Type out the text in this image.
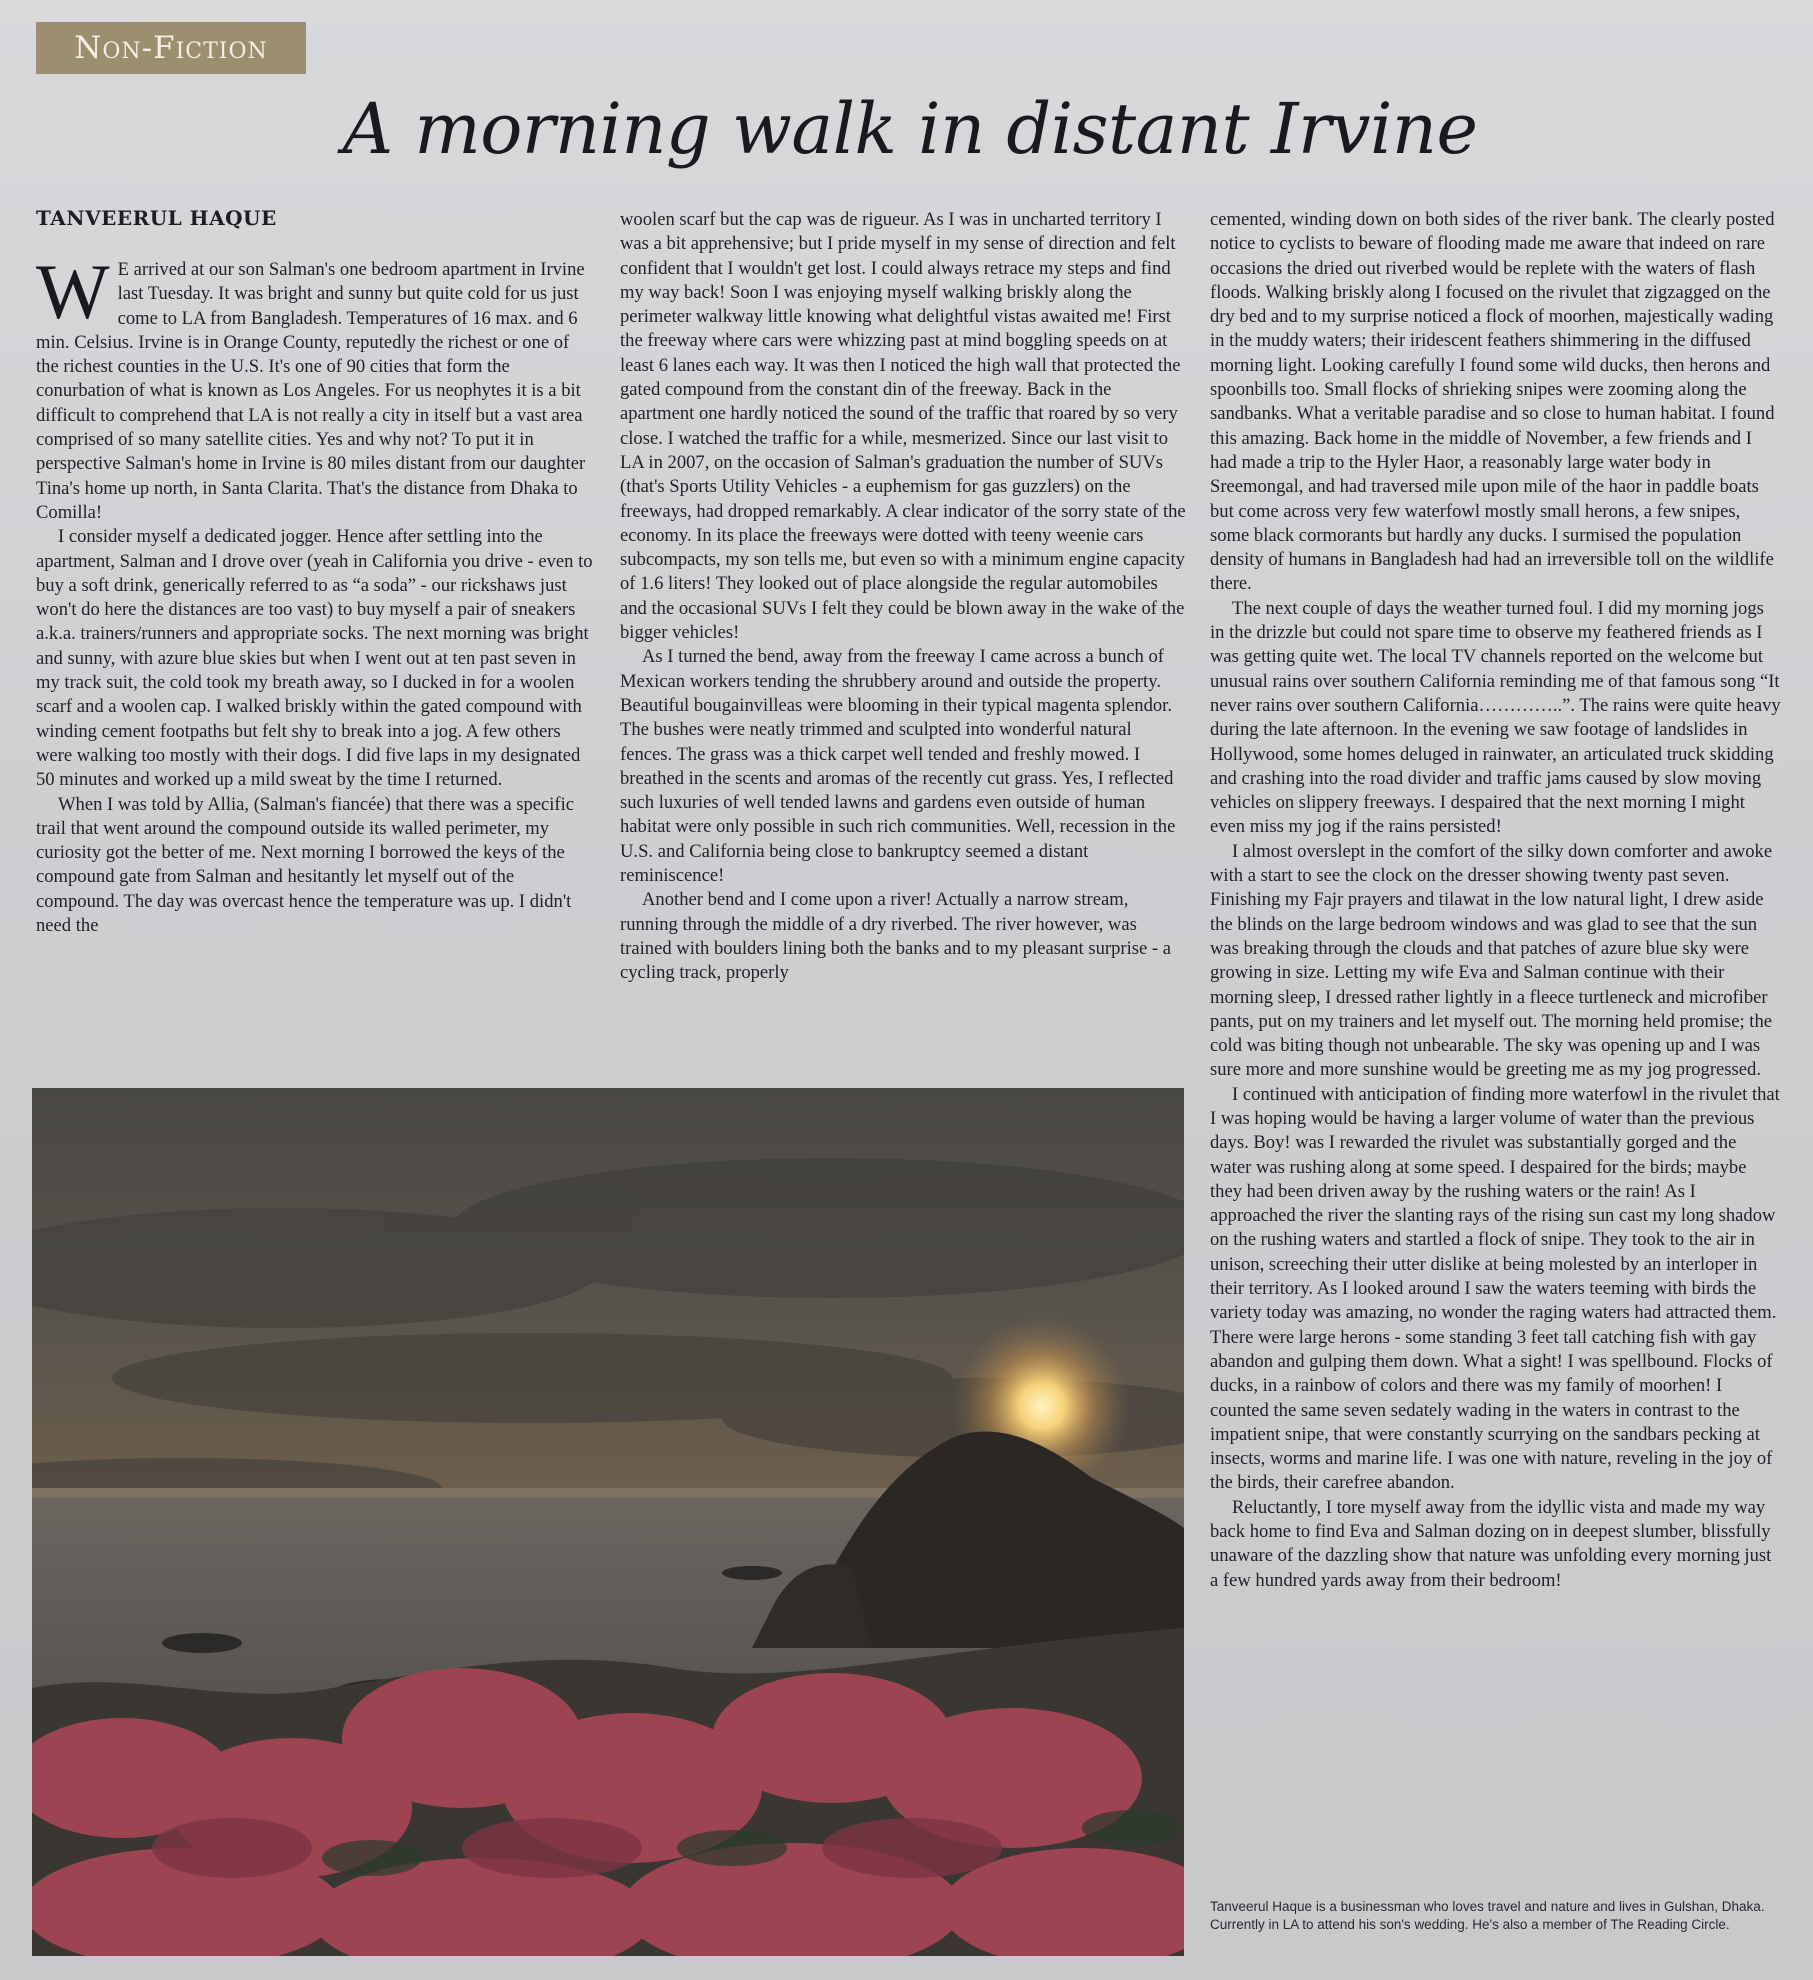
Non-Fiction
A morning walk in distant Irvine
TANVEERUL HAQUE

W E arrived at our son Salman's one bedroom apartment in Irvine last Tuesday. It was bright and sunny but quite cold for us just come to LA from Bangladesh. Temperatures of 16 max. and 6 min. Celsius. Irvine is in Orange County, reputedly the richest or one of the richest counties in the U.S. It's one of 90 cities that form the conurbation of what is known as Los Angeles. For us neophytes it is a bit difficult to comprehend that LA is not really a city in itself but a vast area comprised of so many satellite cities. Yes and why not? To put it in perspective Salman's home in Irvine is 80 miles distant from our daughter Tina's home up north, in Santa Clarita. That's the distance from Dhaka to Comilla!

I consider myself a dedicated jogger. Hence after settling into the apartment, Salman and I drove over (yeah in California you drive - even to buy a soft drink, generically referred to as “a soda” - our rickshaws just won't do here the distances are too vast) to buy myself a pair of sneakers a.k.a. trainers/runners and appropriate socks. The next morning was bright and sunny, with azure blue skies but when I went out at ten past seven in my track suit, the cold took my breath away, so I ducked in for a woolen scarf and a woolen cap. I walked briskly within the gated compound with winding cement footpaths but felt shy to break into a jog. A few others were walking too mostly with their dogs. I did five laps in my designated 50 minutes and worked up a mild sweat by the time I returned.

When I was told by Allia, (Salman's fiancée) that there was a specific trail that went around the compound outside its walled perimeter, my curiosity got the better of me. Next morning I borrowed the keys of the compound gate from Salman and hesitantly let myself out of the compound. The day was overcast hence the temperature was up. I didn't need the

woolen scarf but the cap was de rigueur. As I was in uncharted territory I was a bit apprehensive; but I pride myself in my sense of direction and felt confident that I wouldn't get lost. I could always retrace my steps and find my way back! Soon I was enjoying myself walking briskly along the perimeter walkway little knowing what delightful vistas awaited me! First the freeway where cars were whizzing past at mind boggling speeds on at least 6 lanes each way. It was then I noticed the high wall that protected the gated compound from the constant din of the freeway. Back in the apartment one hardly noticed the sound of the traffic that roared by so very close. I watched the traffic for a while, mesmerized. Since our last visit to LA in 2007, on the occasion of Salman's graduation the number of SUVs (that's Sports Utility Vehicles - a euphemism for gas guzzlers) on the freeways, had dropped remarkably. A clear indicator of the sorry state of the economy. In its place the freeways were dotted with teeny weenie cars subcompacts, my son tells me, but even so with a minimum engine capacity of 1.6 liters! They looked out of place alongside the regular automobiles and the occasional SUVs I felt they could be blown away in the wake of the bigger vehicles!

As I turned the bend, away from the freeway I came across a bunch of Mexican workers tending the shrubbery around and outside the property. Beautiful bougainvilleas were blooming in their typical magenta splendor. The bushes were neatly trimmed and sculpted into wonderful natural fences. The grass was a thick carpet well tended and freshly mowed. I breathed in the scents and aromas of the recently cut grass. Yes, I reflected such luxuries of well tended lawns and gardens even outside of human habitat were only possible in such rich communities. Well, recession in the U.S. and California being close to bankruptcy seemed a distant reminiscence!

Another bend and I come upon a river! Actually a narrow stream, running through the middle of a dry riverbed. The river however, was trained with boulders lining both the banks and to my pleasant surprise - a cycling track, properly

cemented, winding down on both sides of the river bank. The clearly posted notice to cyclists to beware of flooding made me aware that indeed on rare occasions the dried out riverbed would be replete with the waters of flash floods. Walking briskly along I focused on the rivulet that zigzagged on the dry bed and to my surprise noticed a flock of moorhen, majestically wading in the muddy waters; their iridescent feathers shimmering in the diffused morning light. Looking carefully I found some wild ducks, then herons and spoonbills too. Small flocks of shrieking snipes were zooming along the sandbanks. What a veritable paradise and so close to human habitat. I found this amazing. Back home in the middle of November, a few friends and I had made a trip to the Hyler Haor, a reasonably large water body in Sreemongal, and had traversed mile upon mile of the haor in paddle boats but come across very few waterfowl mostly small herons, a few snipes, some black cormorants but hardly any ducks. I surmised the population density of humans in Bangladesh had had an irreversible toll on the wildlife there.

The next couple of days the weather turned foul. I did my morning jogs in the drizzle but could not spare time to observe my feathered friends as I was getting quite wet. The local TV channels reported on the welcome but unusual rains over southern California reminding me of that famous song “It never rains over southern California…………..”. The rains were quite heavy during the late afternoon. In the evening we saw footage of landslides in Hollywood, some homes deluged in rainwater, an articulated truck skidding and crashing into the road divider and traffic jams caused by slow moving vehicles on slippery freeways. I despaired that the next morning I might even miss my jog if the rains persisted!

I almost overslept in the comfort of the silky down comforter and awoke with a start to see the clock on the dresser showing twenty past seven. Finishing my Fajr prayers and tilawat in the low natural light, I drew aside the blinds on the large bedroom windows and was glad to see that the sun was breaking through the clouds and that patches of azure blue sky were growing in size. Letting my wife Eva and Salman continue with their morning sleep, I dressed rather lightly in a fleece turtleneck and microfiber pants, put on my trainers and let myself out. The morning held promise; the cold was biting though not unbearable. The sky was opening up and I was sure more and more sunshine would be greeting me as my jog progressed.

I continued with anticipation of finding more waterfowl in the rivulet that I was hoping would be having a larger volume of water than the previous days. Boy! was I rewarded the rivulet was substantially gorged and the water was rushing along at some speed. I despaired for the birds; maybe they had been driven away by the rushing waters or the rain! As I approached the river the slanting rays of the rising sun cast my long shadow on the rushing waters and startled a flock of snipe. They took to the air in unison, screeching their utter dislike at being molested by an interloper in their territory. As I looked around I saw the waters teeming with birds the variety today was amazing, no wonder the raging waters had attracted them. There were large herons - some standing 3 feet tall catching fish with gay abandon and gulping them down. What a sight! I was spellbound. Flocks of ducks, in a rainbow of colors and there was my family of moorhen! I counted the same seven sedately wading in the waters in contrast to the impatient snipe, that were constantly scurrying on the sandbars pecking at insects, worms and marine life. I was one with nature, reveling in the joy of the birds, their carefree abandon.

Reluctantly, I tore myself away from the idyllic vista and made my way back home to find Eva and Salman dozing on in deepest slumber, blissfully unaware of the dazzling show that nature was unfolding every morning just a few hundred yards away from their bedroom!

Tanveerul Haque is a businessman who loves travel and nature and lives in Gulshan, Dhaka. Currently in LA to attend his son's wedding. He's also a member of The Reading Circle.
